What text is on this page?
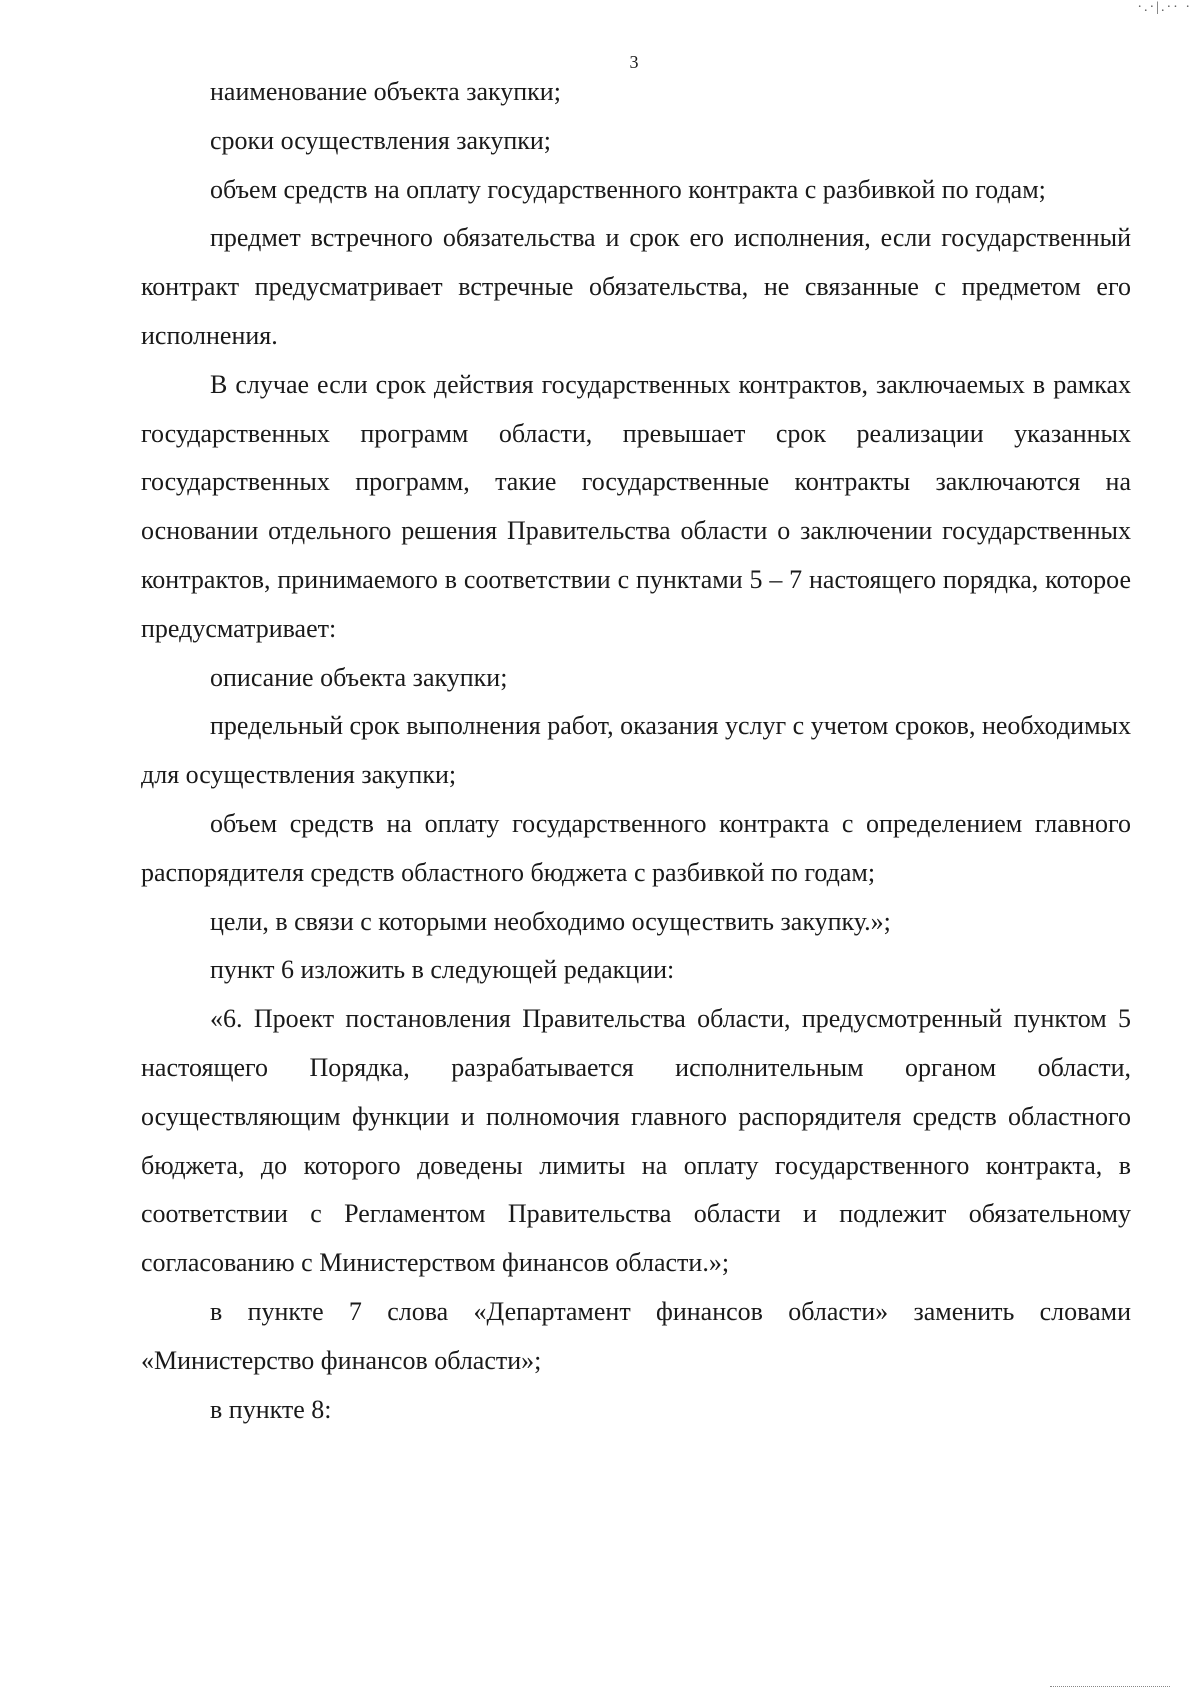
·.·|.·· ·
3

наименование объекта закупки;

сроки осуществления закупки;

объем средств на оплату государственного контракта с разбивкой по годам;

предмет встречного обязательства и срок его исполнения, если государственный контракт предусматривает встречные обязательства, не связанные с предметом его исполнения.

В случае если срок действия государственных контрактов, заключаемых в рамках государственных программ области, превышает срок реализации указанных государственных программ, такие государственные контракты заключаются на основании отдельного решения Правительства области о заключении государственных контрактов, принимаемого в соответствии с пунктами 5 – 7 настоящего порядка, которое предусматривает:

описание объекта закупки;

предельный срок выполнения работ, оказания услуг с учетом сроков, необходимых для осуществления закупки;

объем средств на оплату государственного контракта с определением главного распорядителя средств областного бюджета с разбивкой по годам;

цели, в связи с которыми необходимо осуществить закупку.»;

пункт 6 изложить в следующей редакции:

«6. Проект постановления Правительства области, предусмотренный пунктом 5 настоящего Порядка, разрабатывается исполнительным органом области, осуществляющим функции и полномочия главного распорядителя средств областного бюджета, до которого доведены лимиты на оплату государственного контракта, в соответствии с Регламентом Правительства области и подлежит обязательному согласованию с Министерством финансов области.»;

в пункте 7 слова «Департамент финансов области» заменить словами «Министерство финансов области»;

в пункте 8:
